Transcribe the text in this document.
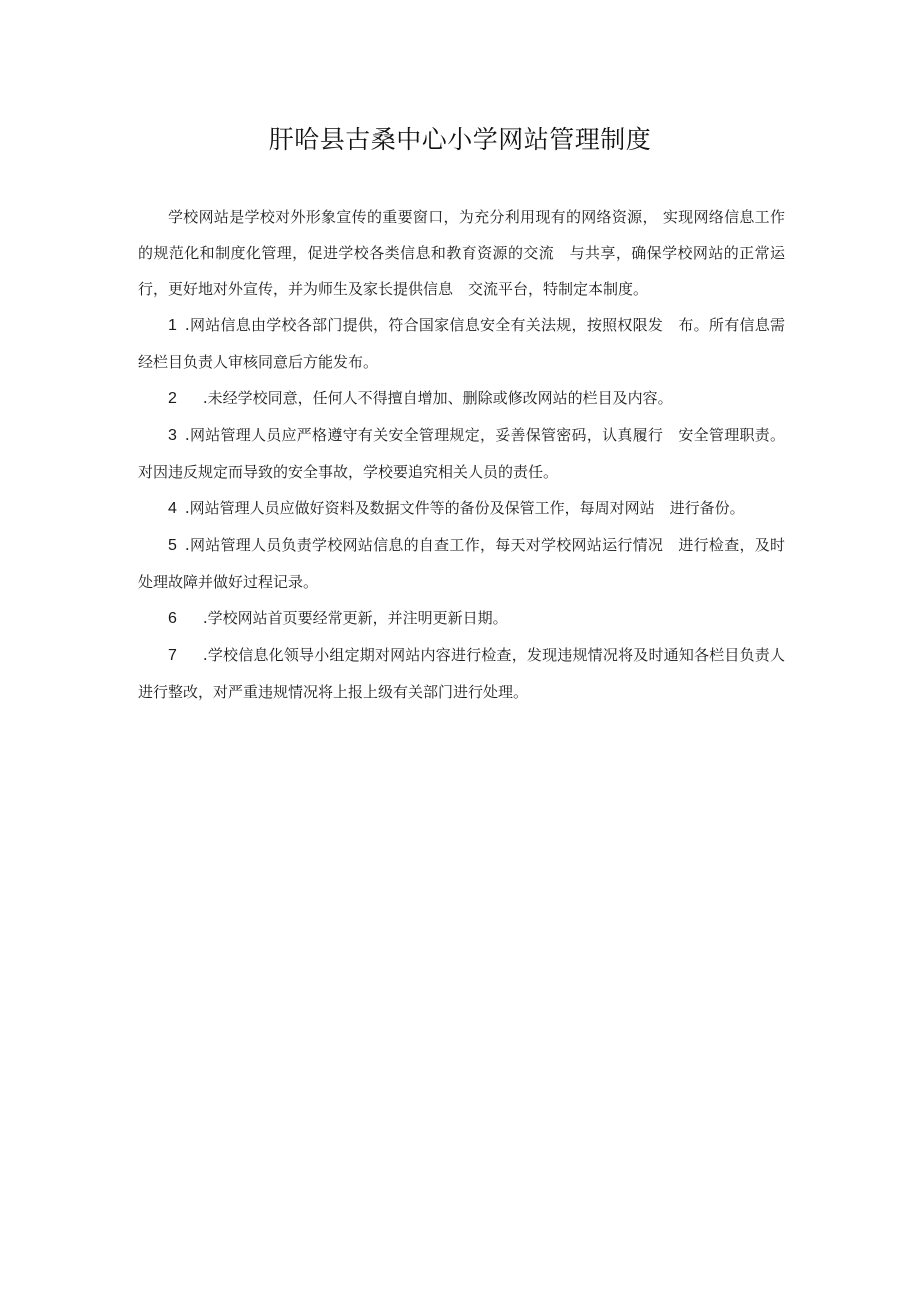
肝哈县古桑中心小学网站管理制度

学校网站是学校对外形象宣传的重要窗口，为充分利用现有的网络资源， 实现网络信息工作的规范化和制度化管理，促进学校各类信息和教育资源的交流　与共享，确保学校网站的正常运行，更好地对外宣传，并为师生及家长提供信息　交流平台，特制定本制度。

1 .网站信息由学校各部门提供，符合国家信息安全有关法规，按照权限发　布。所有信息需经栏目负责人审核同意后方能发布。

2 .未经学校同意，任何人不得擅自增加、删除或修改网站的栏目及内容。

3 .网站管理人员应严格遵守有关安全管理规定，妥善保管密码，认真履行　安全管理职责。对因违反规定而导致的安全事故，学校要追究相关人员的责任。

4 .网站管理人员应做好资料及数据文件等的备份及保管工作，每周对网站　进行备份。

5 .网站管理人员负责学校网站信息的自查工作，每天对学校网站运行情况　进行检查，及时处理故障并做好过程记录。

6 .学校网站首页要经常更新，并注明更新日期。

7 .学校信息化领导小组定期对网站内容进行检查，发现违规情况将及时通知各栏目负责人进行整改，对严重违规情况将上报上级有关部门进行处理。
